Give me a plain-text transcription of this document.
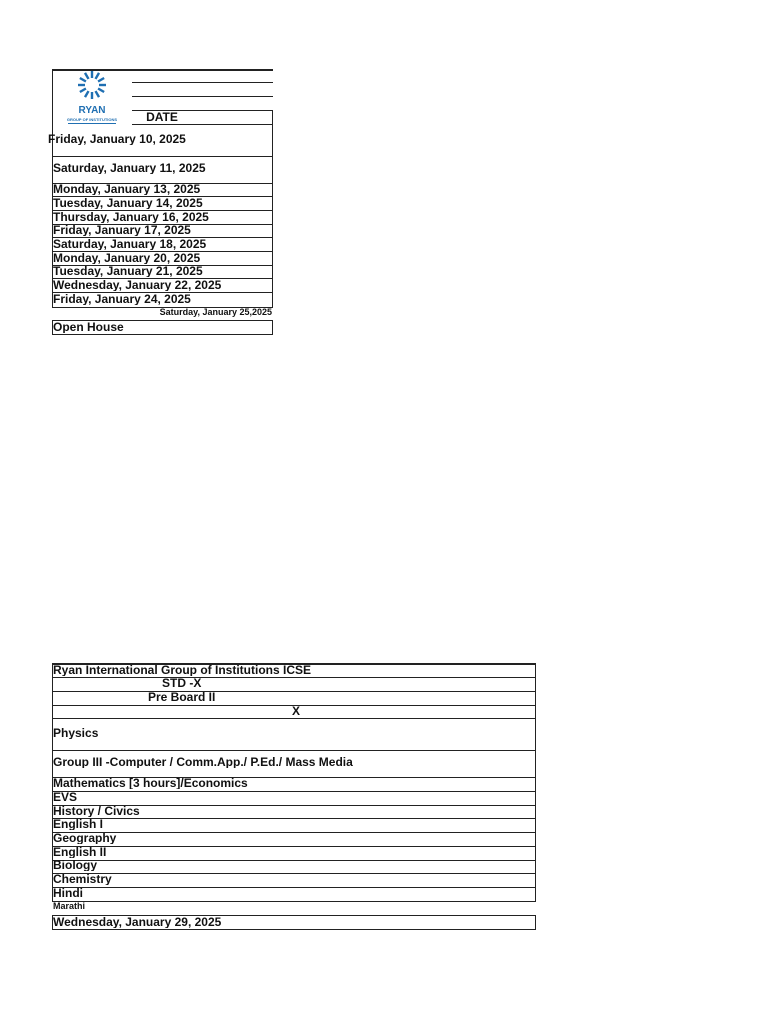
RYAN
GROUP OF INSTITUTIONS	DATE
Friday, January 10, 2025
Saturday, January 11, 2025
Monday, January 13, 2025
Tuesday, January 14, 2025
Thursday, January 16, 2025
Friday, January 17, 2025
Saturday, January 18, 2025
Monday, January 20, 2025
Tuesday, January 21, 2025
Wednesday, January 22, 2025
Friday, January 24, 2025
Saturday, January 25,2025
Open House
Ryan International Group of Institutions ICSE
STD -X
Pre Board II
X
Physics
Group III -Computer / Comm.App./ P.Ed./ Mass Media
Mathematics [3 hours]/Economics
EVS
History / Civics
English I
Geography
English II
Biology
Chemistry
Hindi
Marathi
Wednesday, January 29, 2025
